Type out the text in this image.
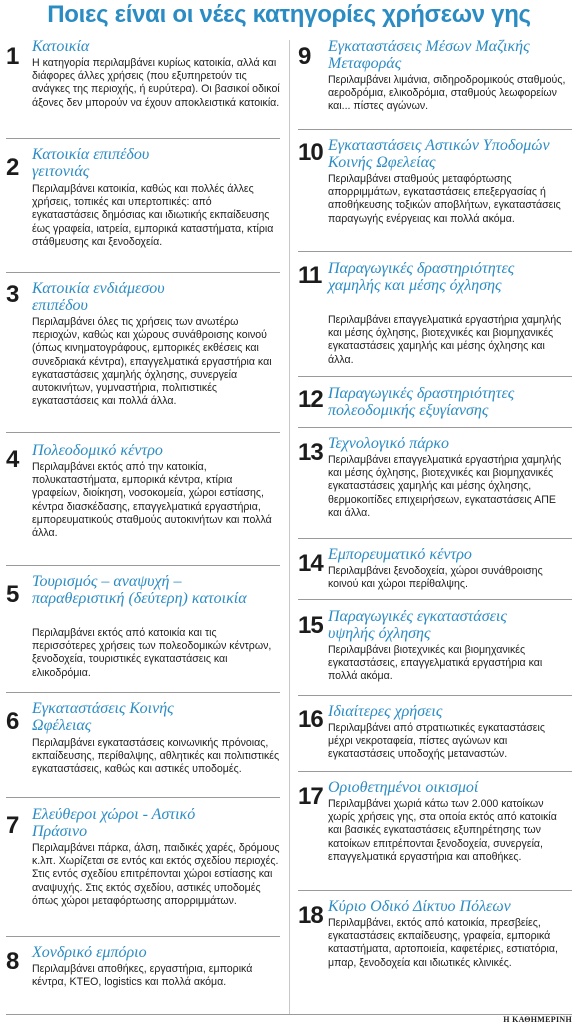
Ποιες είναι οι νέες κατηγορίες χρήσεων γης
1 Κατοικία
Η κατηγορία περιλαμβάνει κυρίως κατοικία, αλλά και διάφορες άλλες χρήσεις (που εξυπηρετούν τις ανάγκες της περιοχής, ή ευρύτερα). Οι βασικοί οδικοί άξονες δεν μπορούν να έχουν αποκλειστικά κατοικία.
2 Κατοικία επιπέδου γειτονιάς
Περιλαμβάνει κατοικία, καθώς και πολλές άλλες χρήσεις, τοπικές και υπερτοπικές: από εγκαταστάσεις δημόσιας και ιδιωτικής εκπαίδευσης έως γραφεία, ιατρεία, εμπορικά καταστήματα, κτίρια στάθμευσης και ξενοδοχεία.
3 Κατοικία ενδιάμεσου επιπέδου
Περιλαμβάνει όλες τις χρήσεις των ανωτέρω περιοχών, καθώς και χώρους συνάθροισης κοινού (όπως κινηματογράφους, εμπορικές εκθέσεις και συνεδριακά κέντρα), επαγγελματικά εργαστήρια και εγκαταστάσεις χαμηλής όχλησης, συνεργεία αυτοκινήτων, γυμναστήρια, πολιτιστικές εγκαταστάσεις και πολλά άλλα.
4 Πολεοδομικό κέντρο
Περιλαμβάνει εκτός από την κατοικία, πολυκαταστήματα, εμπορικά κέντρα, κτίρια γραφείων, διοίκηση, νοσοκομεία, χώροι εστίασης, κέντρα διασκέδασης, επαγγελματικά εργαστήρια, εμπορευματικούς σταθμούς αυτοκινήτων και πολλά άλλα.
5 Τουρισμός – αναψυχή – παραθεριστική (δεύτερη) κατοικία
Περιλαμβάνει εκτός από κατοικία και τις περισσότερες χρήσεις των πολεοδομικών κέντρων, ξενοδοχεία, τουριστικές εγκαταστάσεις και ελικοδρόμια.
6 Εγκαταστάσεις Κοινής Ωφέλειας
Περιλαμβάνει εγκαταστάσεις κοινωνικής πρόνοιας, εκπαίδευσης, περίθαλψης, αθλητικές και πολιτιστικές εγκαταστάσεις, καθώς και αστικές υποδομές.
7 Ελεύθεροι χώροι - Αστικό Πράσινο
Περιλαμβάνει πάρκα, άλση, παιδικές χαρές, δρόμους κ.λπ. Χωρίζεται σε εντός και εκτός σχεδίου περιοχές. Στις εντός σχεδίου επιτρέπονται χώροι εστίασης και αναψυχής. Στις εκτός σχεδίου, αστικές υποδομές όπως χώροι μεταφόρτωσης απορριμμάτων.
8 Χονδρικό εμπόριο
Περιλαμβάνει αποθήκες, εργαστήρια, εμπορικά κέντρα, ΚΤΕΟ, logistics και πολλά ακόμα.
9 Εγκαταστάσεις Μέσων Μαζικής Μεταφοράς
Περιλαμβάνει λιμάνια, σιδηροδρομικούς σταθμούς, αεροδρόμια, ελικοδρόμια, σταθμούς λεωφορείων και... πίστες αγώνων.
10 Εγκαταστάσεις Αστικών Υποδομών Κοινής Ωφελείας
Περιλαμβάνει σταθμούς μεταφόρτωσης απορριμμάτων, εγκαταστάσεις επεξεργασίας ή αποθήκευσης τοξικών αποβλήτων, εγκαταστάσεις παραγωγής ενέργειας και πολλά ακόμα.
11 Παραγωγικές δραστηριότητες χαμηλής και μέσης όχλησης
Περιλαμβάνει επαγγελματικά εργαστήρια χαμηλής και μέσης όχλησης, βιοτεχνικές και βιομηχανικές εγκαταστάσεις χαμηλής και μέσης όχλησης και άλλα.
12 Παραγωγικές δραστηριότητες πολεοδομικής εξυγίανσης
13 Τεχνολογικό πάρκο
Περιλαμβάνει επαγγελματικά εργαστήρια χαμηλής και μέσης όχλησης, βιοτεχνικές και βιομηχανικές εγκαταστάσεις χαμηλής και μέσης όχλησης, θερμοκοιτίδες επιχειρήσεων, εγκαταστάσεις ΑΠΕ και άλλα.
14 Εμπορευματικό κέντρο
Περιλαμβάνει ξενοδοχεία, χώροι συνάθροισης κοινού και χώροι περίθαλψης.
15 Παραγωγικές εγκαταστάσεις υψηλής όχλησης
Περιλαμβάνει βιοτεχνικές και βιομηχανικές εγκαταστάσεις, επαγγελματικά εργαστήρια και πολλά ακόμα.
16 Ιδιαίτερες χρήσεις
Περιλαμβάνει από στρατιωτικές εγκαταστάσεις μέχρι νεκροταφεία, πίστες αγώνων και εγκαταστάσεις υποδοχής μεταναστών.
17 Οριοθετημένοι οικισμοί
Περιλαμβάνει χωριά κάτω των 2.000 κατοίκων χωρίς χρήσεις γης, στα οποία εκτός από κατοικία και βασικές εγκαταστάσεις εξυπηρέτησης των κατοίκων επιτρέπονται ξενοδοχεία, συνεργεία, επαγγελματικά εργαστήρια και αποθήκες.
18 Κύριο Οδικό Δίκτυο Πόλεων
Περιλαμβάνει, εκτός από κατοικία, πρεσβείες, εγκαταστάσεις εκπαίδευσης, γραφεία, εμπορικά καταστήματα, αρτοποιεία, καφετέριες, εστιατόρια, μπαρ, ξενοδοχεία και ιδιωτικές κλινικές.
Η ΚΑΘΗΜΕΡΙΝΗ
